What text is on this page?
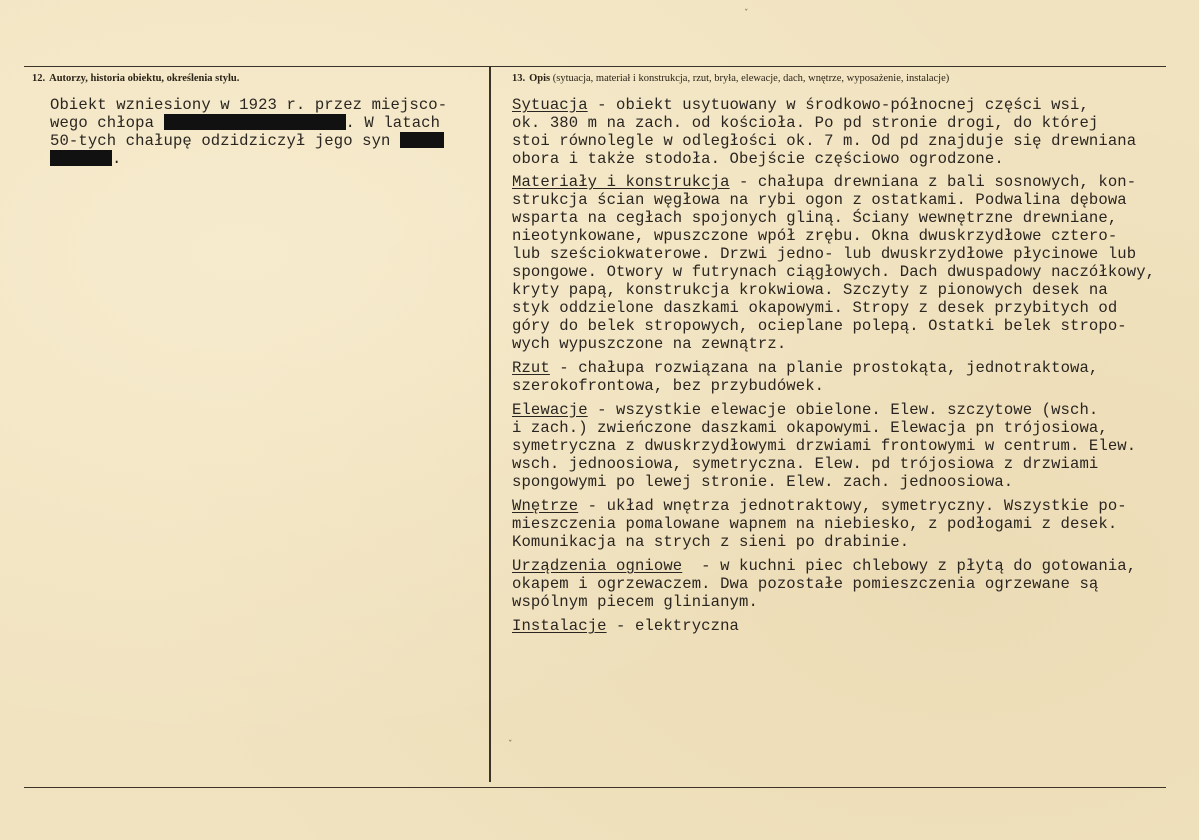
ˇ
ˇ
12. Autorzy, historia obiektu, określenia stylu.	13. Opis (sytuacja, materiał i konstrukcja, rzut, bryła, elewacje, dach, wnętrze, wyposażenie, instalacje)
Obiekt wzniesiony w 1923 r. przez miejsco-
wego chłopa	. W latach
50-tych chałupę odzidziczył jego syn
.
Sytuacja - obiekt usytuowany w środkowo-północnej części wsi,
ok. 380 m na zach. od kościoła. Po pd stronie drogi, do której
stoi równolegle w odległości ok. 7 m. Od pd znajduje się drewniana
obora i także stodoła. Obejście częściowo ogrodzone.
Materiały i konstrukcja - chałupa drewniana z bali sosnowych, kon-
strukcja ścian węgłowa na rybi ogon z ostatkami. Podwalina dębowa
wsparta na cegłach spojonych gliną. Ściany wewnętrzne drewniane,
nieotynkowane, wpuszczone wpół zrębu. Okna dwuskrzydłowe cztero-
lub sześciokwaterowe. Drzwi jedno- lub dwuskrzydłowe płycinowe lub
spongowe. Otwory w futrynach ciągłowych. Dach dwuspadowy naczółkowy,
kryty papą, konstrukcja krokwiowa. Szczyty z pionowych desek na
styk oddzielone daszkami okapowymi. Stropy z desek przybitych od
góry do belek stropowych, ocieplane polepą. Ostatki belek stropo-
wych wypuszczone na zewnątrz.
Rzut - chałupa rozwiązana na planie prostokąta, jednotraktowa,
szerokofrontowa, bez przybudówek.
Elewacje - wszystkie elewacje obielone. Elew. szczytowe (wsch.
i zach.) zwieńczone daszkami okapowymi. Elewacja pn trójosiowa,
symetryczna z dwuskrzydłowymi drzwiami frontowymi w centrum. Elew.
wsch. jednoosiowa, symetryczna. Elew. pd trójosiowa z drzwiami
spongowymi po lewej stronie. Elew. zach. jednoosiowa.
Wnętrze - układ wnętrza jednotraktowy, symetryczny. Wszystkie po-
mieszczenia pomalowane wapnem na niebiesko, z podłogami z desek.
Komunikacja na strych z sieni po drabinie.
Urządzenia ogniowe  - w kuchni piec chlebowy z płytą do gotowania,
okapem i ogrzewaczem. Dwa pozostałe pomieszczenia ogrzewane są
wspólnym piecem glinianym.
Instalacje - elektryczna
